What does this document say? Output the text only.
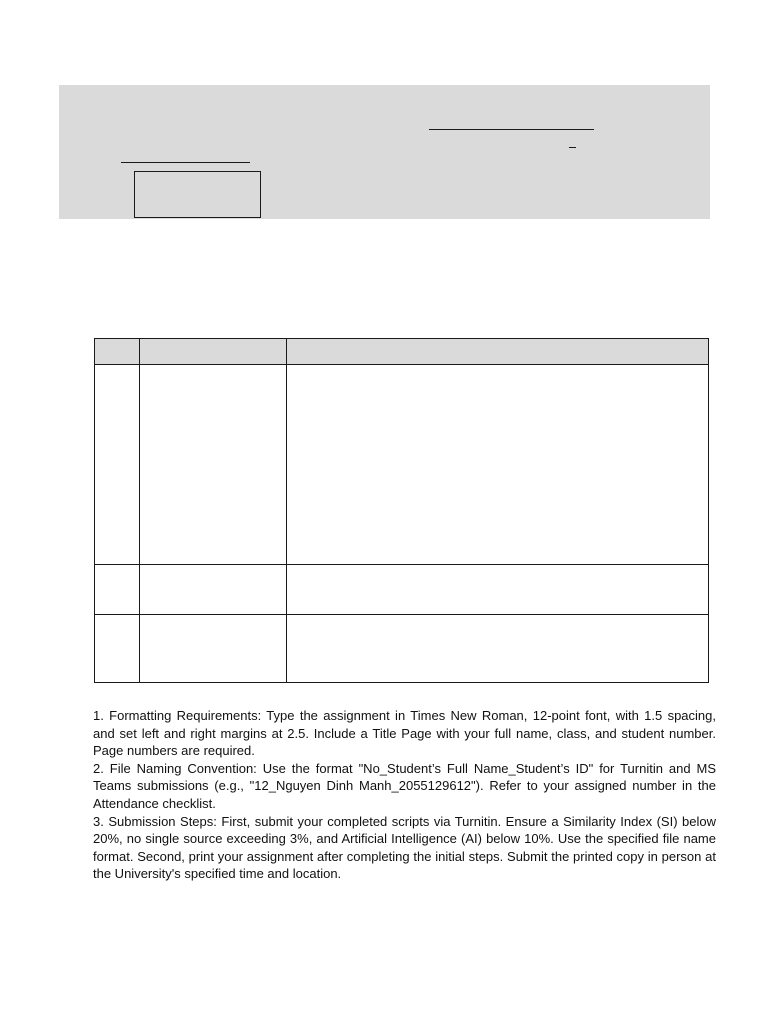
1. Formatting Requirements: Type the assignment in Times New Roman, 12-point font, with 1.5 spacing, and set left and right margins at 2.5. Include a Title Page with your full name, class, and student number. Page numbers are required.

2. File Naming Convention: Use the format "No_Student’s Full Name_Student’s ID" for Turnitin and MS Teams submissions (e.g., "12_Nguyen Dinh Manh_2055129612"). Refer to your assigned number in the Attendance checklist.

3. Submission Steps: First, submit your completed scripts via Turnitin. Ensure a Similarity Index (SI) below 20%, no single source exceeding 3%, and Artificial Intelligence (AI) below 10%. Use the specified file name format. Second, print your assignment after completing the initial steps. Submit the printed copy in person at the University's specified time and location.
